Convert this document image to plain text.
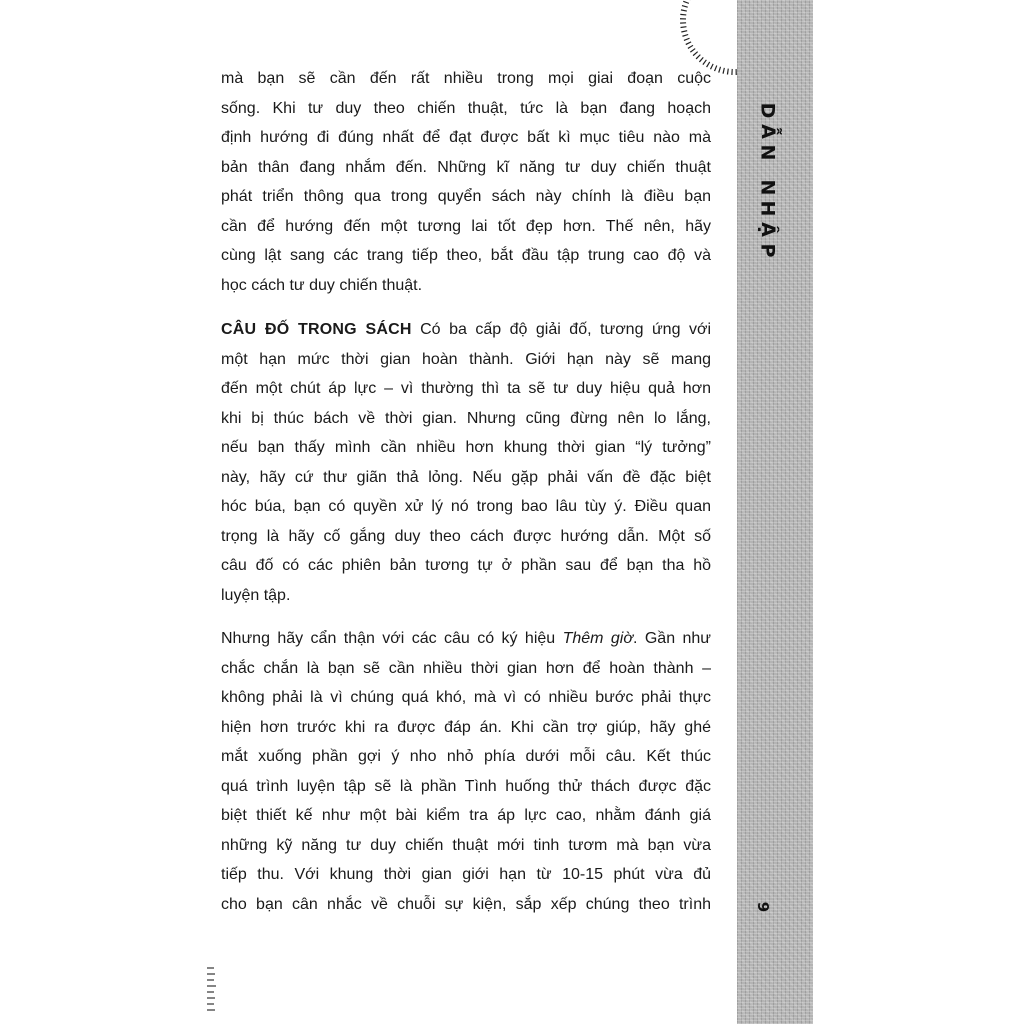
D
Ẫ
N

N
H
Ậ
P
9
mà bạn sẽ cần đến rất nhiều trong mọi giai đoạn cuộc
sống. Khi tư duy theo chiến thuật, tức là bạn đang hoạch
định hướng đi đúng nhất để đạt được bất kì mục tiêu nào mà
bản thân đang nhắm đến. Những kĩ năng tư duy chiến thuật
phát triển thông qua trong quyển sách này chính là điều bạn
cần để hướng đến một tương lai tốt đẹp hơn. Thế nên, hãy
cùng lật sang các trang tiếp theo, bắt đầu tập trung cao độ và
học cách tư duy chiến thuật.
CÂU ĐỐ TRONG SÁCH Có ba cấp độ giải đố, tương ứng với
một hạn mức thời gian hoàn thành. Giới hạn này sẽ mang
đến một chút áp lực – vì thường thì ta sẽ tư duy hiệu quả hơn
khi bị thúc bách về thời gian. Nhưng cũng đừng nên lo lắng,
nếu bạn thấy mình cần nhiều hơn khung thời gian “lý tưởng”
này, hãy cứ thư giãn thả lỏng. Nếu gặp phải vấn đề đặc biệt
hóc búa, bạn có quyền xử lý nó trong bao lâu tùy ý. Điều quan
trọng là hãy cố gắng duy theo cách được hướng dẫn. Một số
câu đố có các phiên bản tương tự ở phần sau để bạn tha hồ
luyện tập.
Nhưng hãy cẩn thận với các câu có ký hiệu Thêm giờ. Gần như
chắc chắn là bạn sẽ cần nhiều thời gian hơn để hoàn thành –
không phải là vì chúng quá khó, mà vì có nhiều bước phải thực
hiện hơn trước khi ra được đáp án. Khi cần trợ giúp, hãy ghé
mắt xuống phần gợi ý nho nhỏ phía dưới mỗi câu. Kết thúc
quá trình luyện tập sẽ là phần Tình huống thử thách được đặc
biệt thiết kế như một bài kiểm tra áp lực cao, nhằm đánh giá
những kỹ năng tư duy chiến thuật mới tinh tươm mà bạn vừa
tiếp thu. Với khung thời gian giới hạn từ 10-15 phút vừa đủ
cho bạn cân nhắc về chuỗi sự kiện, sắp xếp chúng theo trình
